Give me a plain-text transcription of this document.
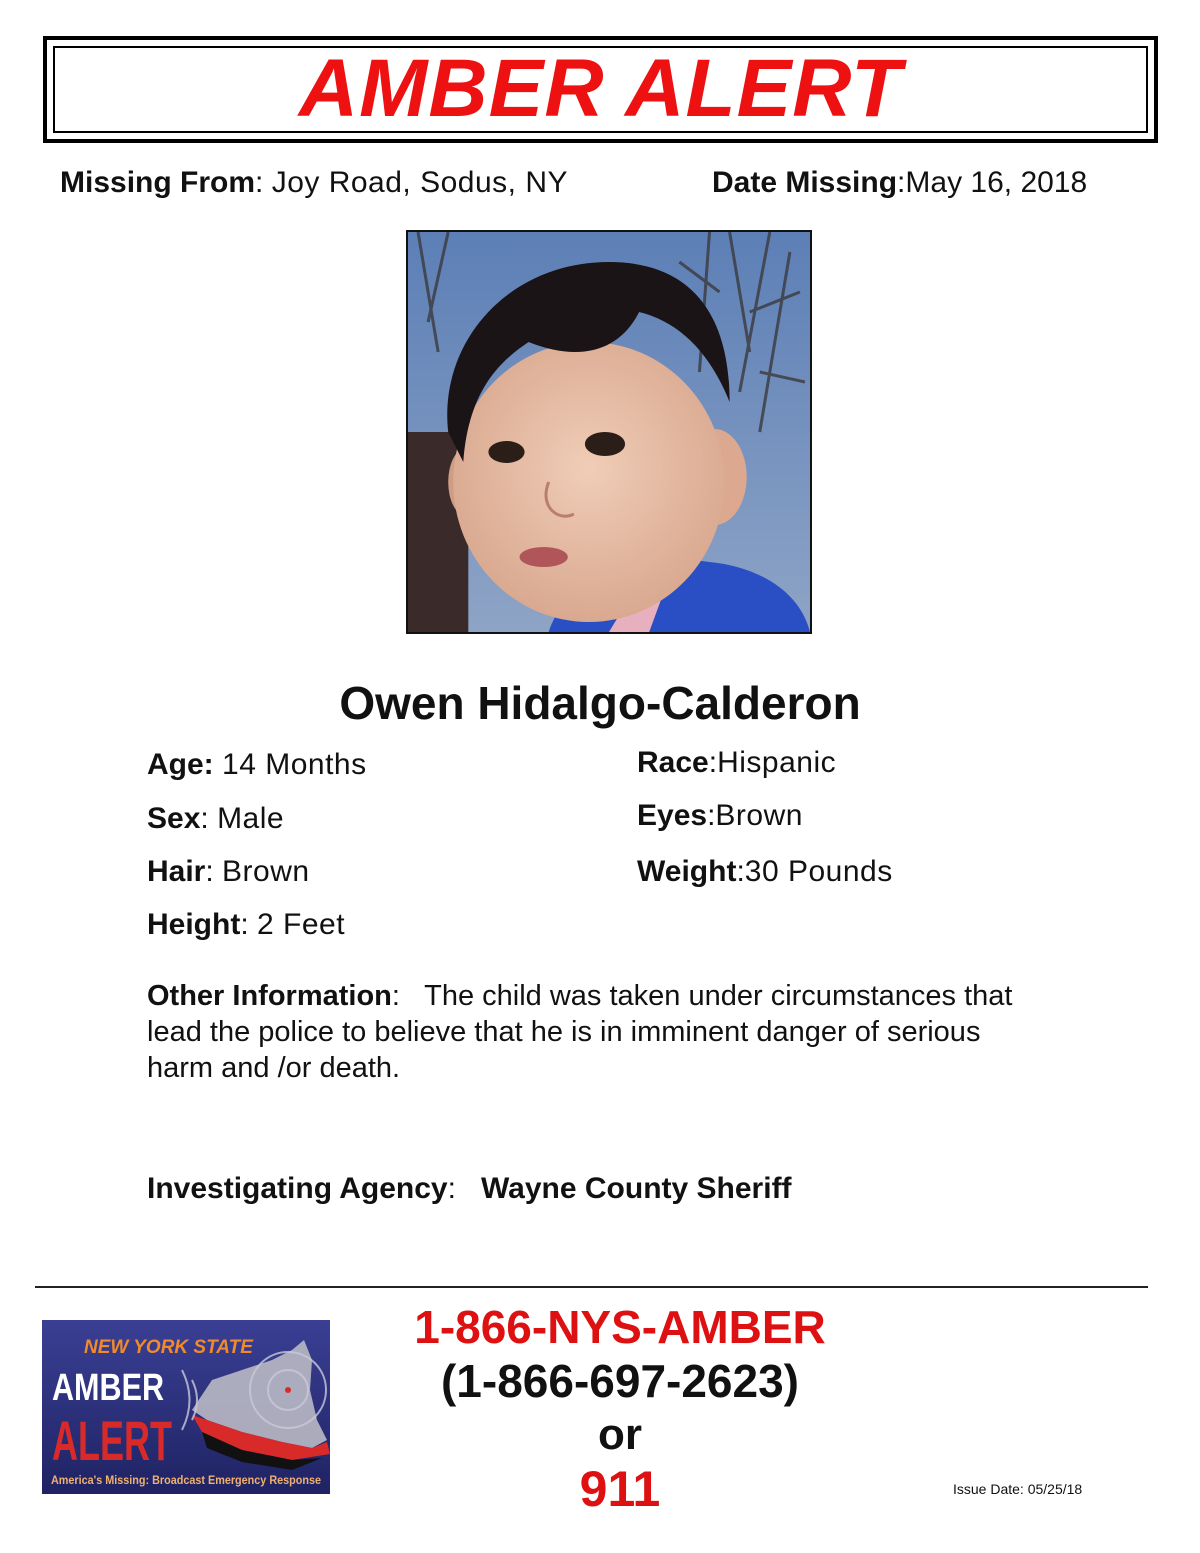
AMBER ALERT
Missing From: Joy Road, Sodus, NY	Date Missing:May 16, 2018
Owen Hidalgo-Calderon
Age: 14 Months
Sex: Male
Hair: Brown
Height: 2 Feet
Race:Hispanic
Eyes:Brown
Weight:30 Pounds
Other Information:   The child was taken under circumstances that lead the police to believe that he is in imminent danger of serious harm and /or death.
Investigating Agency:   Wayne County Sheriff
NEW YORK STATE
AMBER
ALERT
America's Missing: Broadcast Emergency Response
1-866-NYS-AMBER
(1-866-697-2623)
or
911	Issue Date: 05/25/18
